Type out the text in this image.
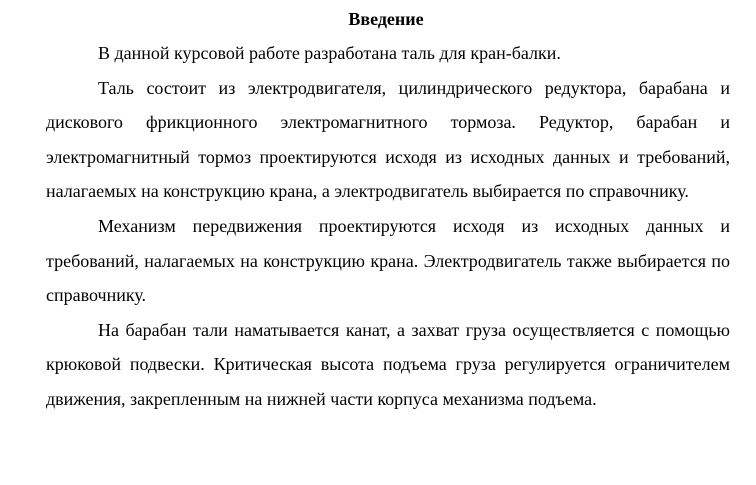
Введение

В данной курсовой работе разработана таль для кран-балки.

Таль состоит из электродвигателя, цилиндрического редуктора, барабана и дискового фрикционного электромагнитного тормоза. Редуктор, барабан и электромагнитный тормоз проектируются исходя из исходных данных и требований, налагаемых на конструкцию крана, а электродвигатель выбирается по справочнику.

Механизм передвижения проектируются исходя из исходных данных и требований, налагаемых на конструкцию крана. Электродвигатель также выбирается по справочнику.

На барабан тали наматывается канат, а захват груза осуществляется с помощью крюковой подвески. Критическая высота подъема груза регулируется ограничителем движения, закрепленным на нижней части корпуса механизма подъема.
